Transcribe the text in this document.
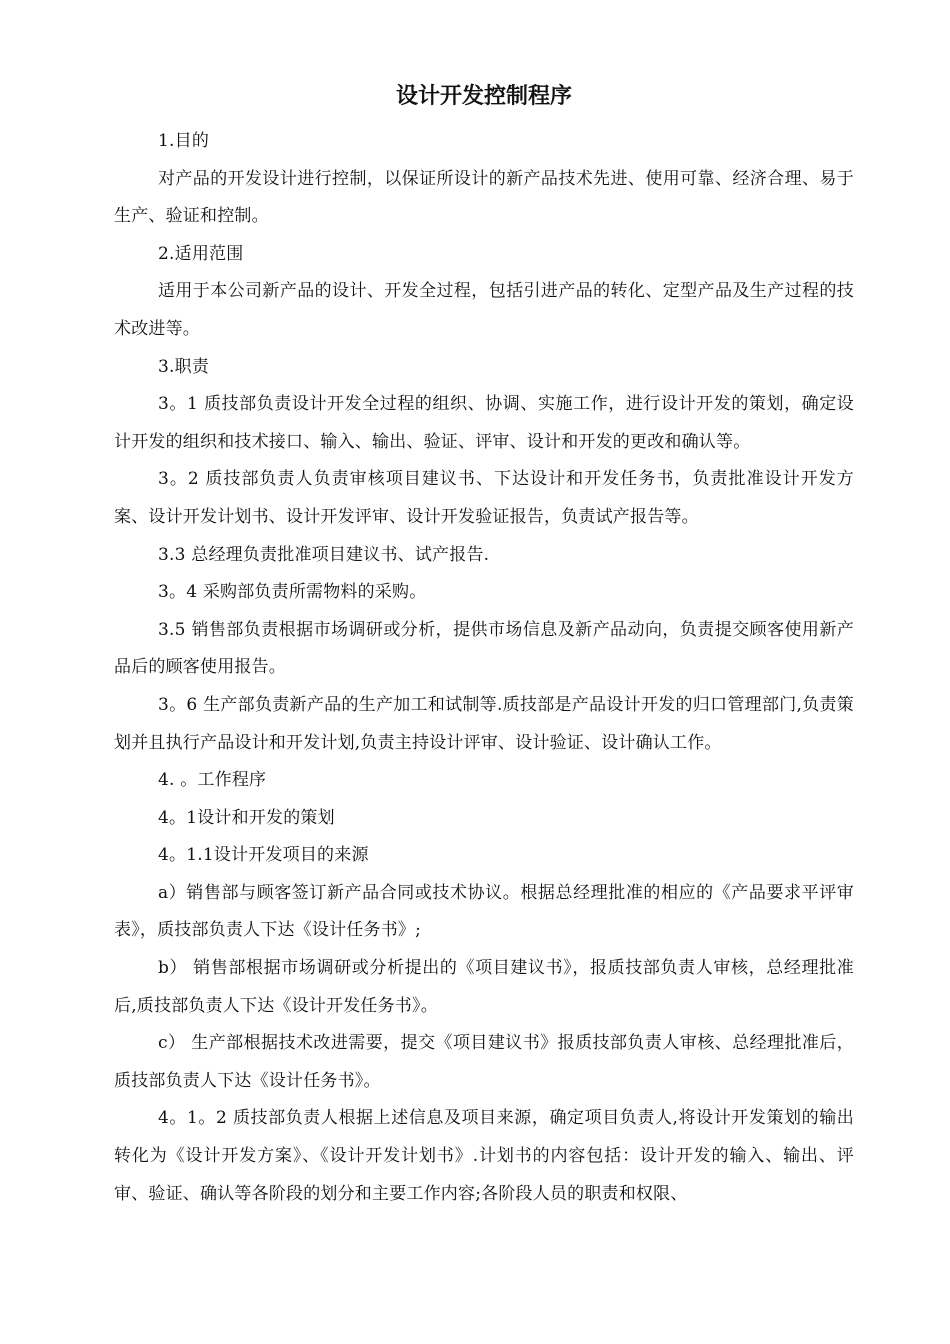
设计开发控制程序

1.目的

对产品的开发设计进行控制，以保证所设计的新产品技术先进、使用可靠、经济合理、易于生产、验证和控制。

2.适用范围

适用于本公司新产品的设计、开发全过程，包括引进产品的转化、定型产品及生产过程的技术改进等。

3.职责

3。1 质技部负责设计开发全过程的组织、协调、实施工作，进行设计开发的策划，确定设计开发的组织和技术接口、输入、输出、验证、评审、设计和开发的更改和确认等。

3。2 质技部负责人负责审核项目建议书、下达设计和开发任务书，负责批准设计开发方案、设计开发计划书、设计开发评审、设计开发验证报告，负责试产报告等。

3.3 总经理负责批准项目建议书、试产报告.

3。4 采购部负责所需物料的采购。

3.5 销售部负责根据市场调研或分析，提供市场信息及新产品动向，负责提交顾客使用新产品后的顾客使用报告。

3。6 生产部负责新产品的生产加工和试制等.质技部是产品设计开发的归口管理部门,负责策划并且执行产品设计和开发计划,负责主持设计评审、设计验证、设计确认工作。

4. 。工作程序

4。1设计和开发的策划

4。1.1设计开发项目的来源

a）销售部与顾客签订新产品合同或技术协议。根据总经理批准的相应的《产品要求平评审表》，质技部负责人下达《设计任务书》;

b） 销售部根据市场调研或分析提出的《项目建议书》，报质技部负责人审核，总经理批准后,质技部负责人下达《设计开发任务书》。

c） 生产部根据技术改进需要，提交《项目建议书》报质技部负责人审核、总经理批准后，质技部负责人下达《设计任务书》。

4。1。2 质技部负责人根据上述信息及项目来源，确定项目负责人,将设计开发策划的输出转化为《设计开发方案》、《设计开发计划书》.计划书的内容包括：设计开发的输入、输出、评审、验证、确认等各阶段的划分和主要工作内容;各阶段人员的职责和权限、
